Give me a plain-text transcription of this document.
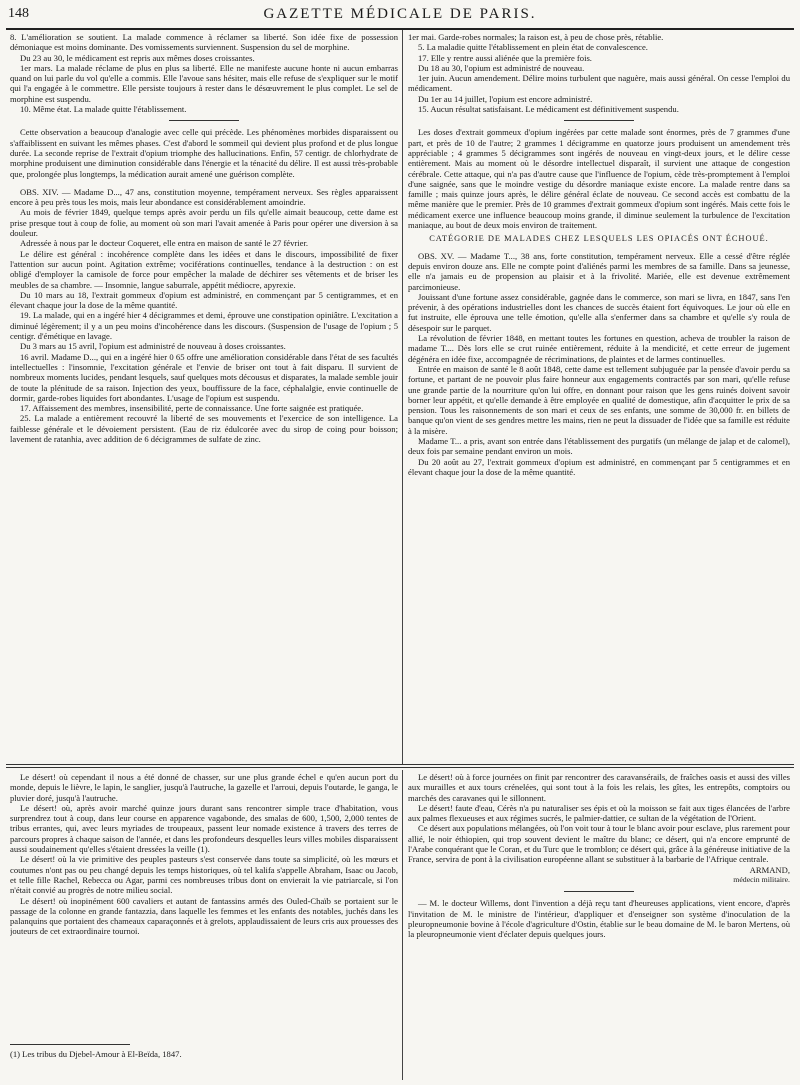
148	GAZETTE MÉDICALE DE PARIS.

8. L'amélioration se soutient. La malade commence à réclamer sa liberté. Son idée fixe de possession démoniaque est moins dominante. Des vomissements surviennent. Suspension du sel de morphine.

Du 23 au 30, le médicament est repris aux mêmes doses croissantes.

1er mars. La malade réclame de plus en plus sa liberté. Elle ne manifeste aucune honte ni aucun embarras quand on lui parle du vol qu'elle a commis. Elle l'avoue sans hésiter, mais elle refuse de s'expliquer sur le motif qui l'a engagée à le commettre. Elle persiste toujours à rester dans le désœuvrement le plus complet. Le sel de morphine est suspendu.

10. Même état. La malade quitte l'établissement.

Cette observation a beaucoup d'analogie avec celle qui précède. Les phénomènes morbides disparaissent ou s'affaiblissent en suivant les mêmes phases. C'est d'abord le sommeil qui devient plus profond et de plus longue durée. La seconde reprise de l'extrait d'opium triomphe des hallucinations. Enfin, 57 centigr. de chlorhydrate de morphine produisent une diminution considérable dans l'énergie et la ténacité du délire. Il est aussi très-probable que, prolongée plus longtemps, la médication aurait amené une guérison complète.

OBS. XIV. — Madame D..., 47 ans, constitution moyenne, tempérament nerveux. Ses règles apparaissent encore à peu près tous les mois, mais leur abondance est considérablement amoindrie.

Au mois de février 1849, quelque temps après avoir perdu un fils qu'elle aimait beaucoup, cette dame est prise presque tout à coup de folie, au moment où son mari l'avait amenée à Paris pour opérer une diversion à sa douleur.

Adressée à nous par le docteur Coqueret, elle entra en maison de santé le 27 février.

Le délire est général : incohérence complète dans les idées et dans le discours, impossibilité de fixer l'attention sur aucun point. Agitation extrême; vociférations continuelles, tendance à la destruction : on est obligé d'employer la camisole de force pour empêcher la malade de déchirer ses vêtements et de briser les meubles de sa chambre. — Insomnie, langue saburrale, appétit médiocre, apyrexie.

Du 10 mars au 18, l'extrait gommeux d'opium est administré, en commençant par 5 centigrammes, et en élevant chaque jour la dose de la même quantité.

19. La malade, qui en a ingéré hier 4 décigrammes et demi, éprouve une constipation opiniâtre. L'excitation a diminué légèrement; il y a un peu moins d'incohérence dans les discours. (Suspension de l'usage de l'opium ; 5 centigr. d'émétique en lavage.

Du 3 mars au 15 avril, l'opium est administré de nouveau à doses croissantes.

16 avril. Madame D..., qui en a ingéré hier 0 65 offre une amélioration considérable dans l'état de ses facultés intellectuelles : l'insomnie, l'excitation générale et l'envie de briser ont tout à fait disparu. Il survient de nombreux moments lucides, pendant lesquels, sauf quelques mots décousus et disparates, la malade semble jouir de toute la plénitude de sa raison. Injection des yeux, bouffissure de la face, céphalalgie, envie continuelle de dormir, garde-robes liquides fort abondantes. L'usage de l'opium est suspendu.

17. Affaissement des membres, insensibilité, perte de connaissance. Une forte saignée est pratiquée.

25. La malade a entièrement recouvré la liberté de ses mouvements et l'exercice de son intelligence. La faiblesse générale et le dévoiement persistent. (Eau de riz édulcorée avec du sirop de coing pour boisson; lavement de ratanhia, avec addition de 6 décigrammes de sulfate de zinc.

1er mai. Garde-robes normales; la raison est, à peu de chose près, rétablie.

5. La maladie quitte l'établissement en plein état de convalescence.

17. Elle y rentre aussi aliénée que la première fois.

Du 18 au 30, l'opium est administré de nouveau.

1er juin. Aucun amendement. Délire moins turbulent que naguère, mais aussi général. On cesse l'emploi du médicament.

Du 1er au 14 juillet, l'opium est encore administré.

15. Aucun résultat satisfaisant. Le médicament est définitivement suspendu.

Les doses d'extrait gommeux d'opium ingérées par cette malade sont énormes, près de 7 grammes d'une part, et près de 10 de l'autre; 2 grammes 1 décigramme en quatorze jours produisent un amendement très appréciable ; 4 grammes 5 décigrammes sont ingérés de nouveau en vingt-deux jours, et le délire cesse entièrement. Mais au moment où le désordre intellectuel disparaît, il survient une attaque de congestion cérébrale. Cette attaque, qui n'a pas d'autre cause que l'influence de l'opium, cède très-promptement à l'emploi d'une saignée, sans que le moindre vestige du désordre maniaque existe encore. La malade rentre dans sa famille ; mais quinze jours après, le délire général éclate de nouveau. Ce second accès est combattu de la même manière que le premier. Près de 10 grammes d'extrait gommeux d'opium sont ingérés. Mais cette fois le médicament exerce une influence beaucoup moins grande, il diminue seulement la turbulence de l'excitation maniaque, au bout de deux mois environ de traitement.

CATÉGORIE DE MALADES CHEZ LESQUELS LES OPIACÉS ONT ÉCHOUÉ.

OBS. XV. — Madame T..., 38 ans, forte constitution, tempérament nerveux. Elle a cessé d'être réglée depuis environ douze ans. Elle ne compte point d'aliénés parmi les membres de sa famille. Dans sa jeunesse, elle n'a jamais eu de propension au plaisir et à la frivolité. Mariée, elle est devenue extrêmement parcimonieuse.

Jouissant d'une fortune assez considérable, gagnée dans le commerce, son mari se livra, en 1847, sans l'en prévenir, à des opérations industrielles dont les chances de succès étaient fort équivoques. Le jour où elle en fut instruite, elle éprouva une telle émotion, qu'elle alla s'enfermer dans sa chambre et qu'elle s'y roula de désespoir sur le parquet.

La révolution de février 1848, en mettant toutes les fortunes en question, acheva de troubler la raison de madame T.... Dès lors elle se crut ruinée entièrement, réduite à la mendicité, et cette erreur de jugement dégénéra en idée fixe, accompagnée de récriminations, de plaintes et de larmes continuelles.

Entrée en maison de santé le 8 août 1848, cette dame est tellement subjuguée par la pensée d'avoir perdu sa fortune, et partant de ne pouvoir plus faire honneur aux engagements contractés par son mari, qu'elle refuse une grande partie de la nourriture qu'on lui offre, en donnant pour raison que les gens ruinés doivent savoir borner leur appétit, et qu'elle demande à être employée en qualité de domestique, afin d'acquitter le prix de sa pension. Tous les raisonnements de son mari et ceux de ses enfants, une somme de 30,000 fr. en billets de banque qu'on vient de ses gendres mettre les mains, rien ne peut la dissuader de l'idée que sa famille est réduite à la misère.

Madame T... a pris, avant son entrée dans l'établissement des purgatifs (un mélange de jalap et de calomel), deux fois par semaine pendant environ un mois.

Du 20 août au 27, l'extrait gommeux d'opium est administré, en commençant par 5 centigrammes et en élevant chaque jour la dose de la même quantité.

Le désert! où cependant il nous a été donné de chasser, sur une plus grande échel e qu'en aucun port du monde, depuis le lièvre, le lapin, le sanglier, jusqu'à l'autruche, la gazelle et l'arroui, depuis l'outarde, le ganga, le pluvier doré, jusqu'à l'autruche.

Le désert! où, après avoir marché quinze jours durant sans rencontrer simple trace d'habitation, vous surprendrez tout à coup, dans leur course en apparence vagabonde, des smalas de 600, 1,500, 2,000 tentes de tribus errantes, qui, avec leurs myriades de troupeaux, passent leur nomade existence à travers des terres de parcours propres à chaque saison de l'année, et dans les profondeurs desquelles leurs villes mobiles disparaissent aussi soudainement qu'elles s'étaient dressées la veille (1).

Le désert! où la vie primitive des peuples pasteurs s'est conservée dans toute sa simplicité, où les mœurs et coutumes n'ont pas ou peu changé depuis les temps historiques, où tel kalifa s'appelle Abraham, Isaac ou Jacob, et telle fille Rachel, Rebecca ou Agar, parmi ces nombreuses tribus dont on envierait la vie patriarcale, si l'on n'était convié au progrès de notre milieu social.

Le désert! où inopinément 600 cavaliers et autant de fantassins armés des Ouled-Chaïb se portaient sur le passage de la colonne en grande fantazzia, dans laquelle les femmes et les enfants des notables, juchés dans les palanquins que portaient des chameaux caparaçonnés et à grelots, applaudissaient de leurs cris aux prouesses des jouteurs de cet extraordinaire tournoi.

Le désert! où à force journées on finit par rencontrer des caravansérails, de fraîches oasis et aussi des villes aux murailles et aux tours crénelées, qui sont tout à la fois les relais, les gîtes, les entrepôts, comptoirs ou marchés des caravanes qui le sillonnent.

Le désert! faute d'eau, Cérès n'a pu naturaliser ses épis et où la moisson se fait aux tiges élancées de l'arbre aux palmes flexueuses et aux régimes sucrés, le palmier-dattier, ce sultan de la végétation de l'Orient.

Ce désert aux populations mélangées, où l'on voit tour à tour le blanc avoir pour esclave, plus rarement pour allié, le noir éthiopien, qui trop souvent devient le maître du blanc; ce désert, qui n'a encore emprunté de l'Arabe conquérant que le Coran, et du Turc que le tromblon; ce désert qui, grâce à la généreuse initiative de la France, servira de pont à la civilisation européenne allant se substituer à la barbarie de l'Afrique centrale.

ARMAND,

médecin militaire.

— M. le docteur Willems, dont l'invention a déjà reçu tant d'heureuses applications, vient encore, d'après l'invitation de M. le ministre de l'intérieur, d'appliquer et d'enseigner son système d'inoculation de la pleuropneumonie bovine à l'école d'agriculture d'Ostin, établie sur le beau domaine de M. le baron Mertens, où la pleuropneumonie vient d'éclater depuis quelques jours.

(1) Les tribus du Djebel-Amour à El-Beïda, 1847.
